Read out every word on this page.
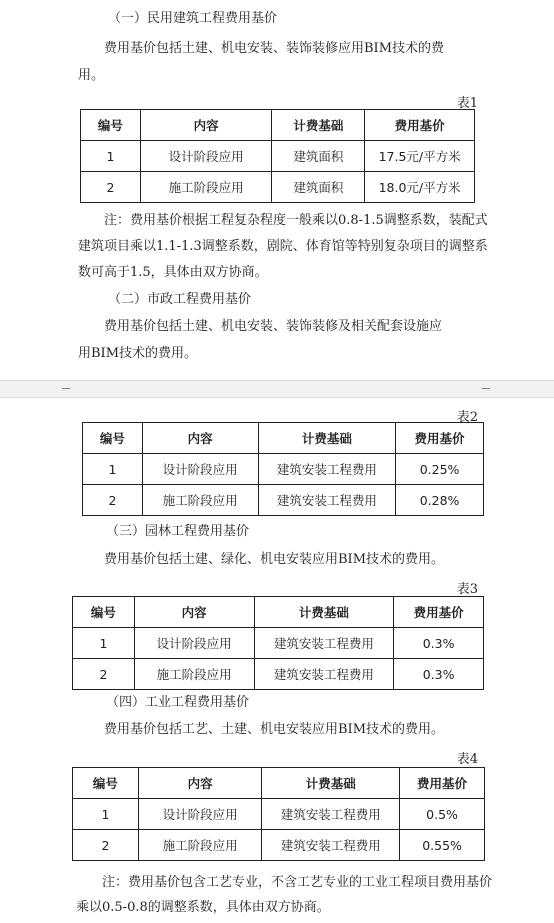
（一）民用建筑工程费用基价
费用基价包括土建、机电安装、装饰装修应用BIM技术的费
用。
表1
编号	内容	计费基础	费用基价
1	设计阶段应用	建筑面积	17.5元/平方米
2	施工阶段应用	建筑面积	18.0元/平方米
注：费用基价根据工程复杂程度一般乘以0.8-1.5调整系数，装配式
建筑项目乘以1.1-1.3调整系数，剧院、体育馆等特别复杂项目的调整系
数可高于1.5，具体由双方协商。
（二）市政工程费用基价
费用基价包括土建、机电安装、装饰装修及相关配套设施应
用BIM技术的费用。
表2
编号	内容	计费基础	费用基价
1	设计阶段应用	建筑安装工程费用	0.25%
2	施工阶段应用	建筑安装工程费用	0.28%
（三）园林工程费用基价
费用基价包括土建、绿化、机电安装应用BIM技术的费用。
表3
编号	内容	计费基础	费用基价
1	设计阶段应用	建筑安装工程费用	0.3%
2	施工阶段应用	建筑安装工程费用	0.3%
（四）工业工程费用基价
费用基价包括工艺、土建、机电安装应用BIM技术的费用。
表4
编号	内容	计费基础	费用基价
1	设计阶段应用	建筑安装工程费用	0.5%
2	施工阶段应用	建筑安装工程费用	0.55%
注：费用基价包含工艺专业，不含工艺专业的工业工程项目费用基价
乘以0.5-0.8的调整系数，具体由双方协商。
